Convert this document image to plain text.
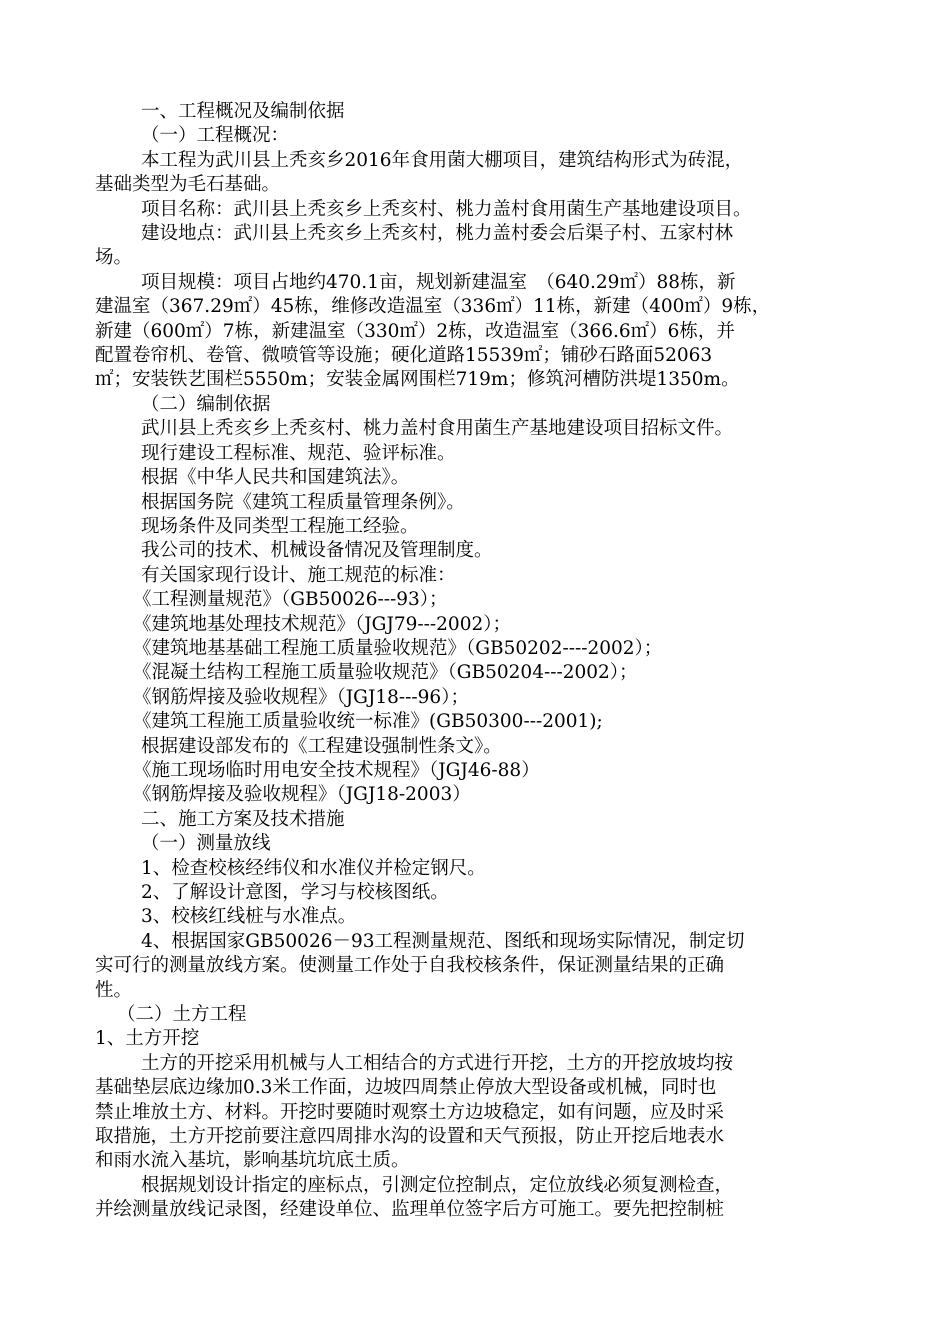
一、工程概况及编制依据

（一）工程概况：

本工程为武川县上秃亥乡2016年食用菌大棚项目，建筑结构形式为砖混，

基础类型为毛石基础。

项目名称：武川县上秃亥乡上秃亥村、桃力盖村食用菌生产基地建设项目。

建设地点：武川县上秃亥乡上秃亥村，桃力盖村委会后渠子村、五家村林

场。

项目规模：项目占地约470.1亩，规划新建温室　（640.29㎡）88栋，新

建温室（367.29㎡）45栋，维修改造温室（336㎡）11栋，新建（400㎡）9栋，

新建（600㎡）7栋，新建温室（330㎡）2栋，改造温室（366.6㎡）6栋，并

配置卷帘机、卷管、微喷管等设施；硬化道路15539㎡；铺砂石路面52063

㎡；安装铁艺围栏5550m；安装金属网围栏719m；修筑河槽防洪堤1350m。

（二）编制依据

武川县上秃亥乡上秃亥村、桃力盖村食用菌生产基地建设项目招标文件。

现行建设工程标准、规范、验评标准。

根据《中华人民共和国建筑法》。

根据国务院《建筑工程质量管理条例》。

现场条件及同类型工程施工经验。

我公司的技术、机械设备情况及管理制度。

有关国家现行设计、施工规范的标准：

《工程测量规范》（GB50026---93）；

《建筑地基处理技术规范》（JGJ79---2002）；

《建筑地基基础工程施工质量验收规范》（GB50202----2002）；

《混凝土结构工程施工质量验收规范》（GB50204---2002）；

《钢筋焊接及验收规程》（JGJ18---96）；

《建筑工程施工质量验收统一标准》(GB50300---2001);

根据建设部发布的《工程建设强制性条文》。

《施工现场临时用电安全技术规程》（JGJ46-88）

《钢筋焊接及验收规程》（JGJ18-2003）

二、施工方案及技术措施

（一）测量放线

1、检查校核经纬仪和水准仪并检定钢尺。

2、了解设计意图，学习与校核图纸。

3、校核红线桩与水准点。

4、根据国家GB50026－93工程测量规范、图纸和现场实际情况，制定切

实可行的测量放线方案。使测量工作处于自我校核条件，保证测量结果的正确

性。

（二）土方工程

1、土方开挖

土方的开挖采用机械与人工相结合的方式进行开挖，土方的开挖放坡均按

基础垫层底边缘加0.3米工作面，边坡四周禁止停放大型设备或机械，同时也

禁止堆放土方、材料。开挖时要随时观察土方边坡稳定，如有问题，应及时采

取措施，土方开挖前要注意四周排水沟的设置和天气预报，防止开挖后地表水

和雨水流入基坑，影响基坑坑底土质。

根据规划设计指定的座标点，引测定位控制点，定位放线必须复测检查，

并绘测量放线记录图，经建设单位、监理单位签字后方可施工。要先把控制桩
